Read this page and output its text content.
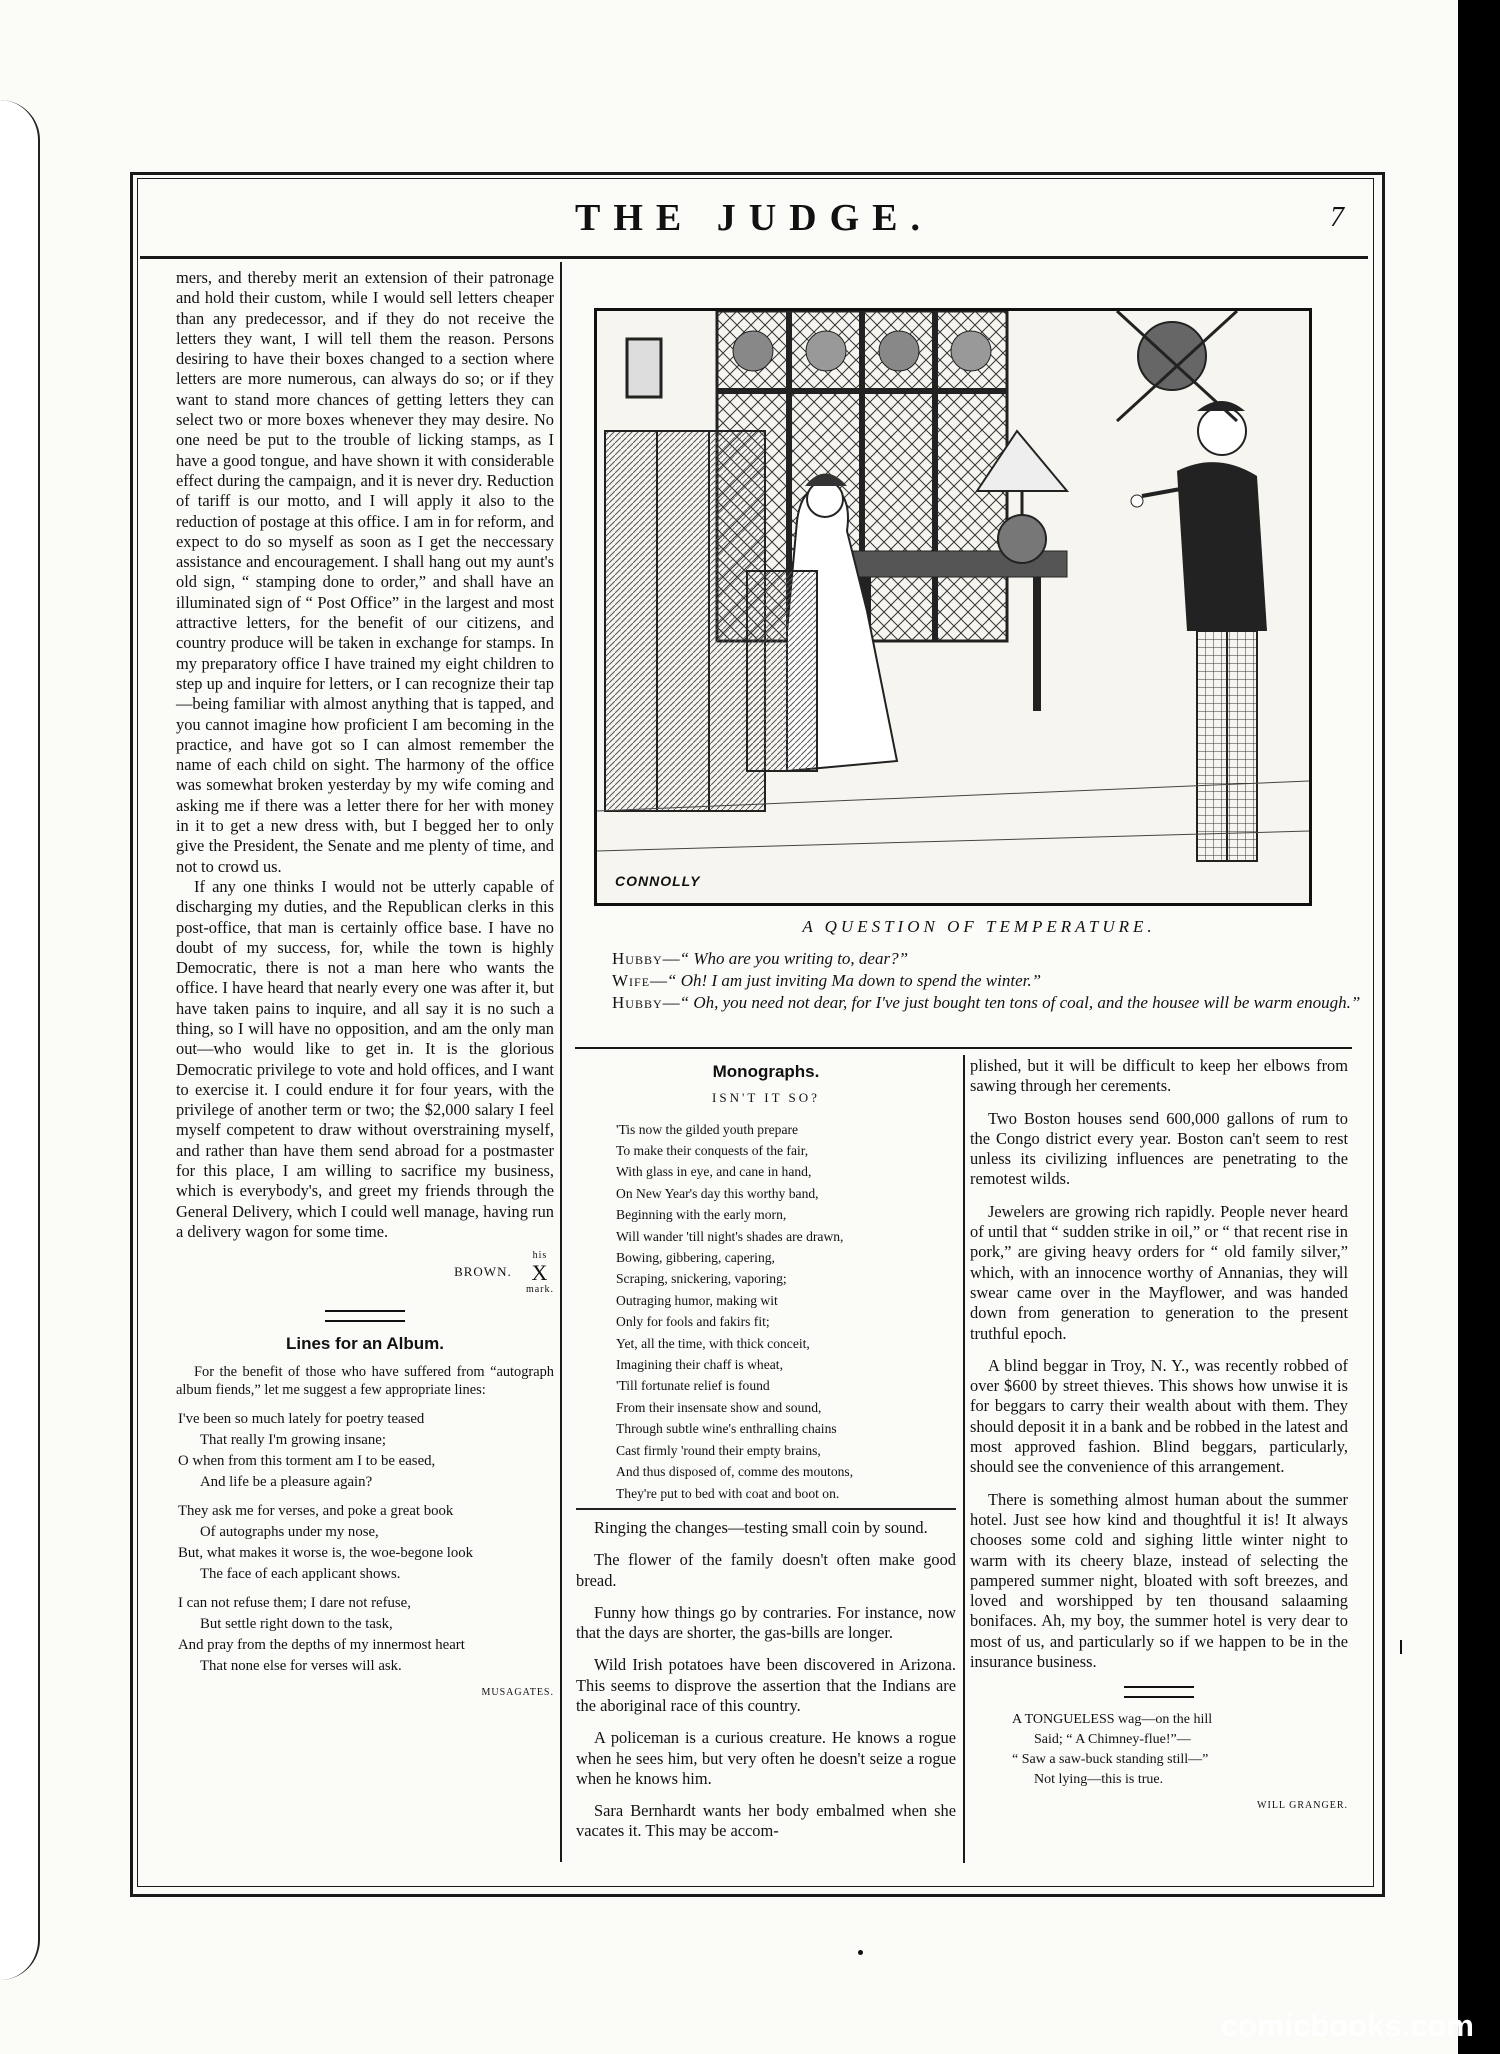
THE JUDGE.	7

mers, and thereby merit an extension of their patronage and hold their custom, while I would sell letters cheaper than any predecessor, and if they do not receive the letters they want, I will tell them the reason. Persons desiring to have their boxes changed to a section where letters are more numerous, can always do so; or if they want to stand more chances of getting letters they can select two or more boxes whenever they may desire. No one need be put to the trouble of licking stamps, as I have a good tongue, and have shown it with considerable effect during the campaign, and it is never dry. Reduction of tariff is our motto, and I will apply it also to the reduction of postage at this office. I am in for reform, and expect to do so myself as soon as I get the neccessary assistance and encouragement. I shall hang out my aunt's old sign, “ stamping done to order,” and shall have an illuminated sign of “ Post Office” in the largest and most attractive letters, for the benefit of our citizens, and country produce will be taken in exchange for stamps. In my preparatory office I have trained my eight children to step up and inquire for letters, or I can recognize their tap—being familiar with almost anything that is tapped, and you cannot imagine how proficient I am becoming in the practice, and have got so I can almost remember the name of each child on sight. The harmony of the office was somewhat broken yesterday by my wife coming and asking me if there was a letter there for her with money in it to get a new dress with, but I begged her to only give the President, the Senate and me plenty of time, and not to crowd us.

If any one thinks I would not be utterly capable of discharging my duties, and the Republican clerks in this post-office, that man is certainly office base. I have no doubt of my success, for, while the town is highly Democratic, there is not a man here who wants the office. I have heard that nearly every one was after it, but have taken pains to inquire, and all say it is no such a thing, so I will have no opposition, and am the only man out—who would like to get in. It is the glorious Democratic privilege to vote and hold offices, and I want to exercise it. I could endure it for four years, with the privilege of another term or two; the $2,000 salary I feel myself competent to draw without overstraining myself, and rather than have them send abroad for a postmaster for this place, I am willing to sacrifice my business, which is everybody's, and greet my friends through the General Delivery, which I could well manage, having run a delivery wagon for some time.

BROWN. his
X
mark.
Lines for an Album.

For the benefit of those who have suffered from “autograph album fiends,” let me suggest a few appropriate lines:

I've been so much lately for poetry teased
That really I'm growing insane;
O when from this torment am I to be eased,
And life be a pleasure again?
They ask me for verses, and poke a great book
Of autographs under my nose,
But, what makes it worse is, the woe-begone look
The face of each applicant shows.
I can not refuse them; I dare not refuse,
But settle right down to the task,
And pray from the depths of my innermost heart
That none else for verses will ask.
MUSAGATES.
CONNOLLY
A QUESTION OF TEMPERATURE.
Hubby—“ Who are you writing to, dear?”
Wife—“ Oh! I am just inviting Ma down to spend the winter.”
Hubby—“ Oh, you need not dear, for I've just bought ten tons of coal, and the housee will be warm enough.”
Monographs.
ISN'T IT SO?
'Tis now the gilded youth prepare
To make their conquests of the fair,
With glass in eye, and cane in hand,
On New Year's day this worthy band,
Beginning with the early morn,
Will wander 'till night's shades are drawn,
Bowing, gibbering, capering,
Scraping, snickering, vaporing;
Outraging humor, making wit
Only for fools and fakirs fit;
Yet, all the time, with thick conceit,
Imagining their chaff is wheat,
'Till fortunate relief is found
From their insensate show and sound,
Through subtle wine's enthralling chains
Cast firmly 'round their empty brains,
And thus disposed of, comme des moutons,
They're put to bed with coat and boot on.

Ringing the changes—testing small coin by sound.

The flower of the family doesn't often make good bread.

Funny how things go by contraries. For instance, now that the days are shorter, the gas-bills are longer.

Wild Irish potatoes have been discovered in Arizona. This seems to disprove the assertion that the Indians are the aboriginal race of this country.

A policeman is a curious creature. He knows a rogue when he sees him, but very often he doesn't seize a rogue when he knows him.

Sara Bernhardt wants her body embalmed when she vacates it. This may be accom-

plished, but it will be difficult to keep her elbows from sawing through her cerements.

Two Boston houses send 600,000 gallons of rum to the Congo district every year. Boston can't seem to rest unless its civilizing influences are penetrating to the remotest wilds.

Jewelers are growing rich rapidly. People never heard of until that “ sudden strike in oil,” or “ that recent rise in pork,” are giving heavy orders for “ old family silver,” which, with an innocence worthy of Annanias, they will swear came over in the Mayflower, and was handed down from generation to generation to the present truthful epoch.

A blind beggar in Troy, N. Y., was recently robbed of over $600 by street thieves. This shows how unwise it is for beggars to carry their wealth about with them. They should deposit it in a bank and be robbed in the latest and most approved fashion. Blind beggars, particularly, should see the convenience of this arrangement.

There is something almost human about the summer hotel. Just see how kind and thoughtful it is! It always chooses some cold and sighing little winter night to warm with its cheery blaze, instead of selecting the pampered summer night, bloated with soft breezes, and loved and worshipped by ten thousand salaaming bonifaces. Ah, my boy, the summer hotel is very dear to most of us, and particularly so if we happen to be in the insurance business.

A TONGUELESS wag—on the hill
Said; “ A Chimney-flue!”—
“ Saw a saw-buck standing still—”
Not lying—this is true.
WILL GRANGER.
comicbooks.com
